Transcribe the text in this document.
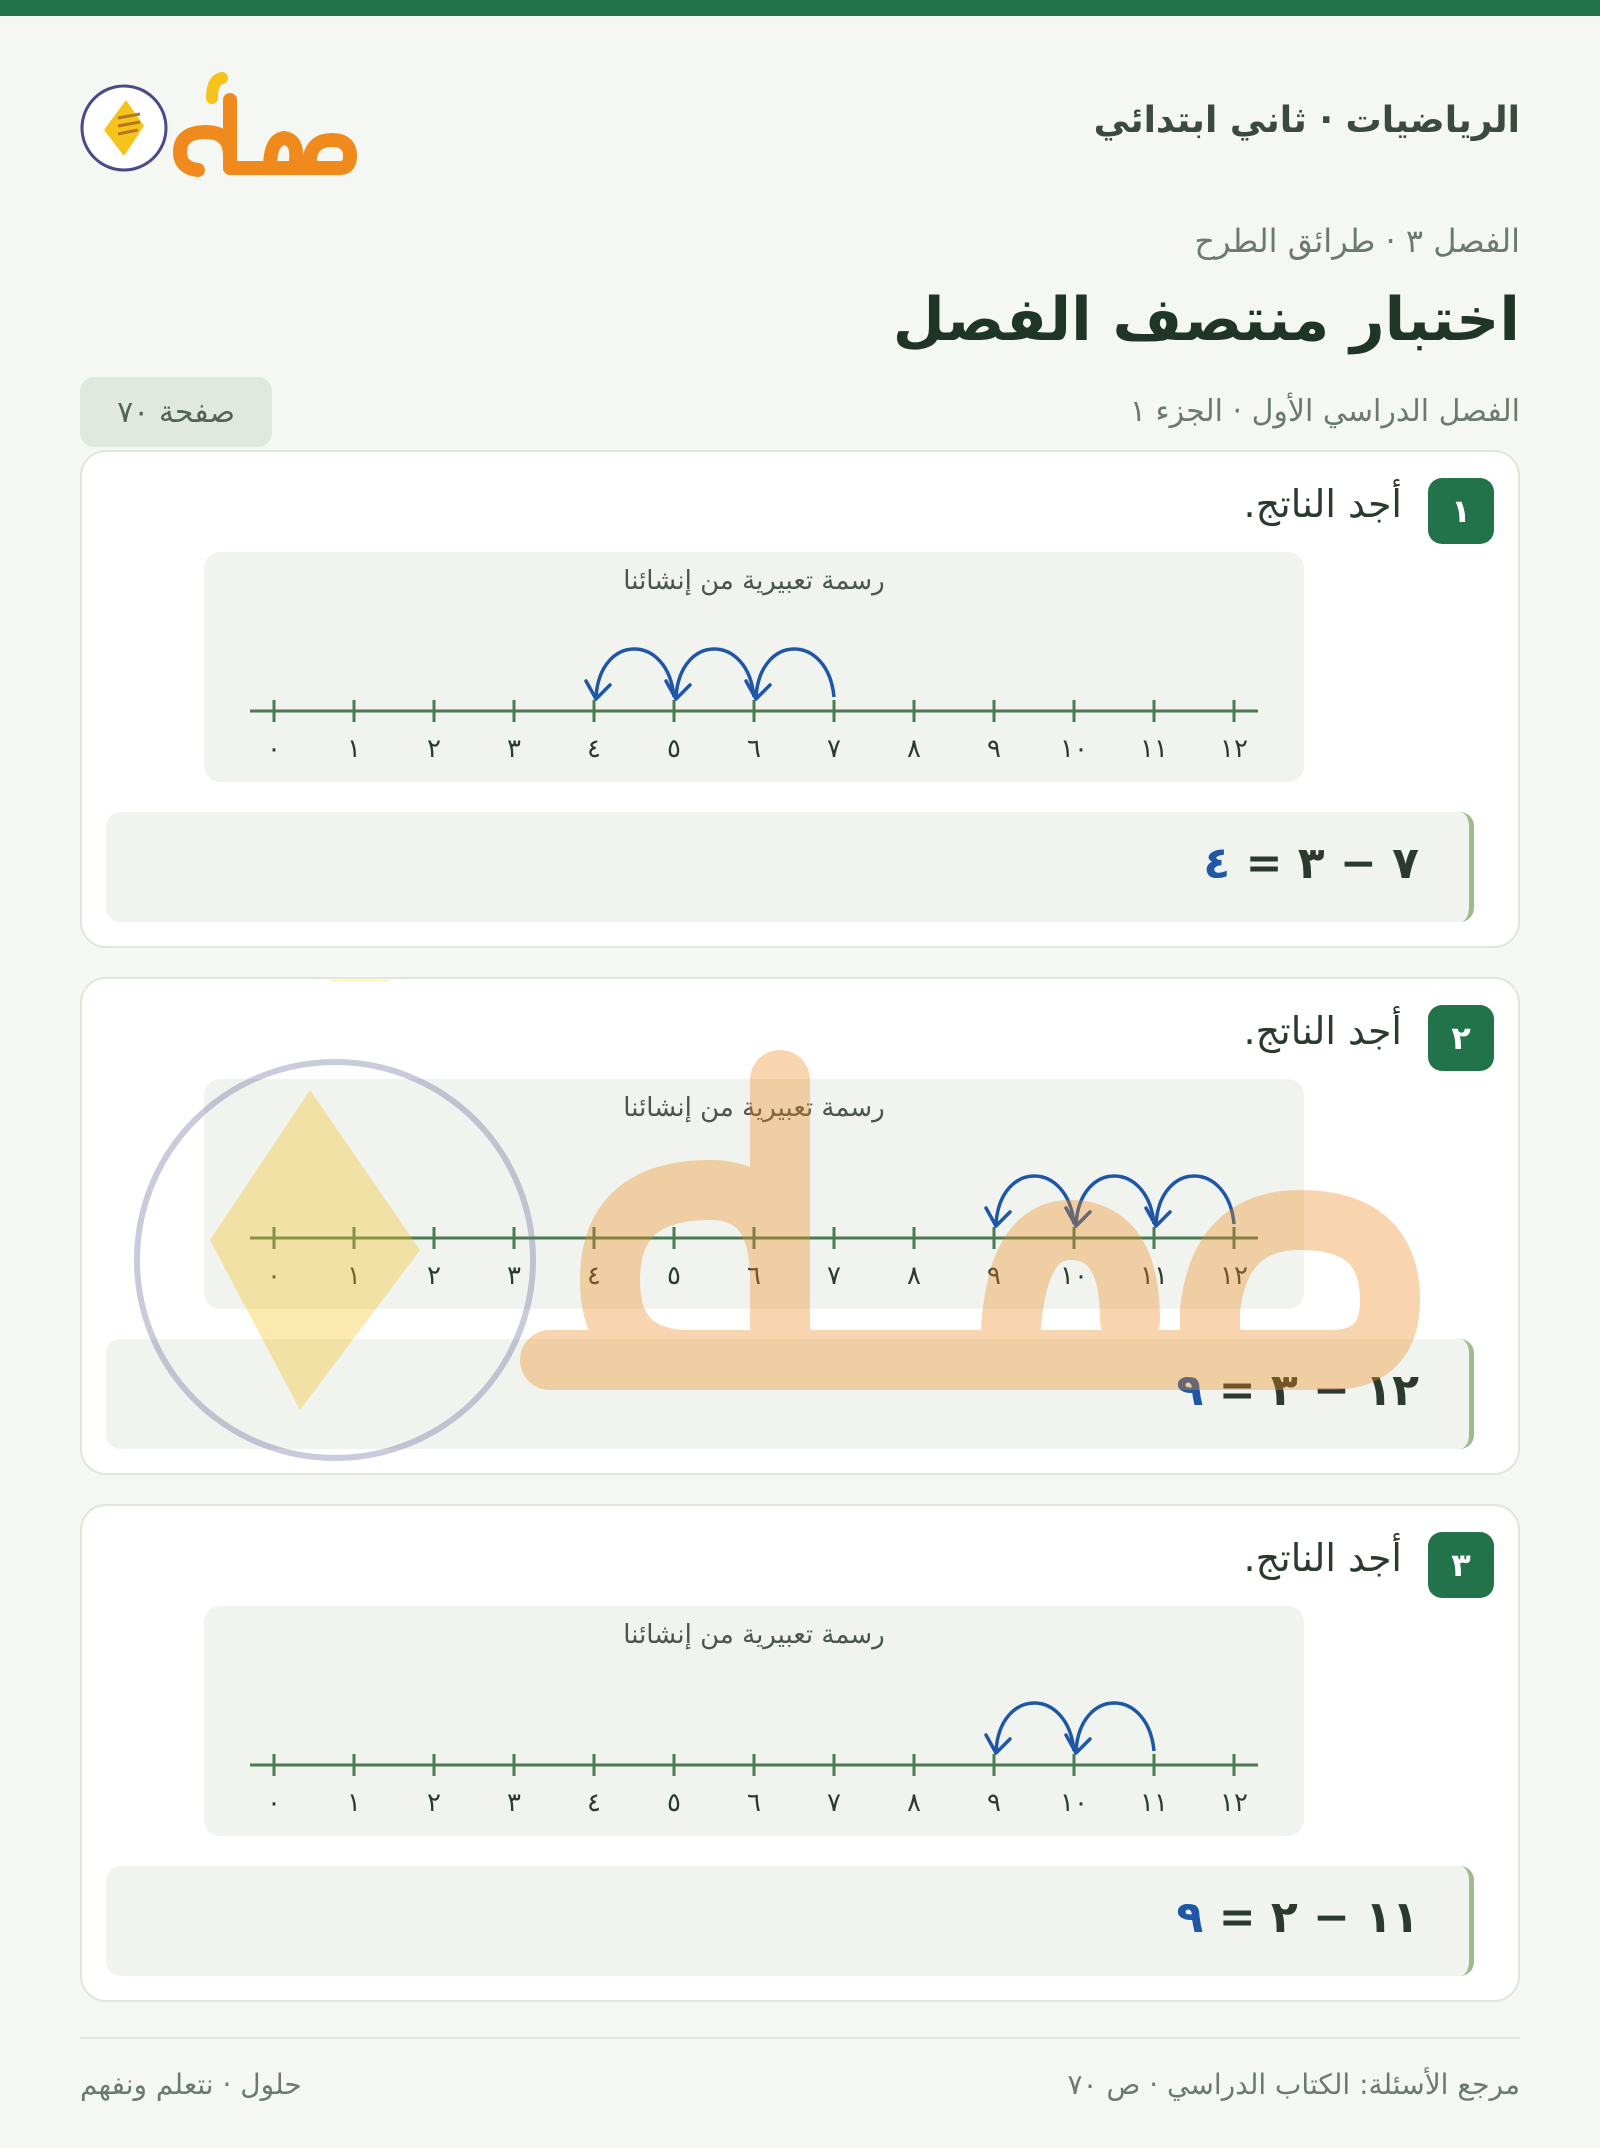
الرياضيات · ثاني ابتدائي
الفصل ٣ · طرائق الطرح
اختبار منتصف الفصل
الفصل الدراسي الأول · الجزء ١
صفحة ٧٠
١
أجد الناتج.
رسمة تعبيرية من إنشائنا
٠	١	٢	٣	٤	٥	٦	٧	٨	٩ ١٠ ١١ ١٢
٧ − ٣ = ٤
٢
أجد الناتج.
رسمة تعبيرية من إنشائنا
٠	١	٢	٣	٤	٥	٦	٧	٨	٩ ١٠ ١١ ١٢
١٢ − ٣ = ٩
٣
أجد الناتج.
رسمة تعبيرية من إنشائنا
٠	١	٢	٣	٤	٥	٦	٧	٨	٩ ١٠ ١١ ١٢
١١ − ٢ = ٩
مرجع الأسئلة: الكتاب الدراسي · ص ٧٠
حلول · نتعلم ونفهم
